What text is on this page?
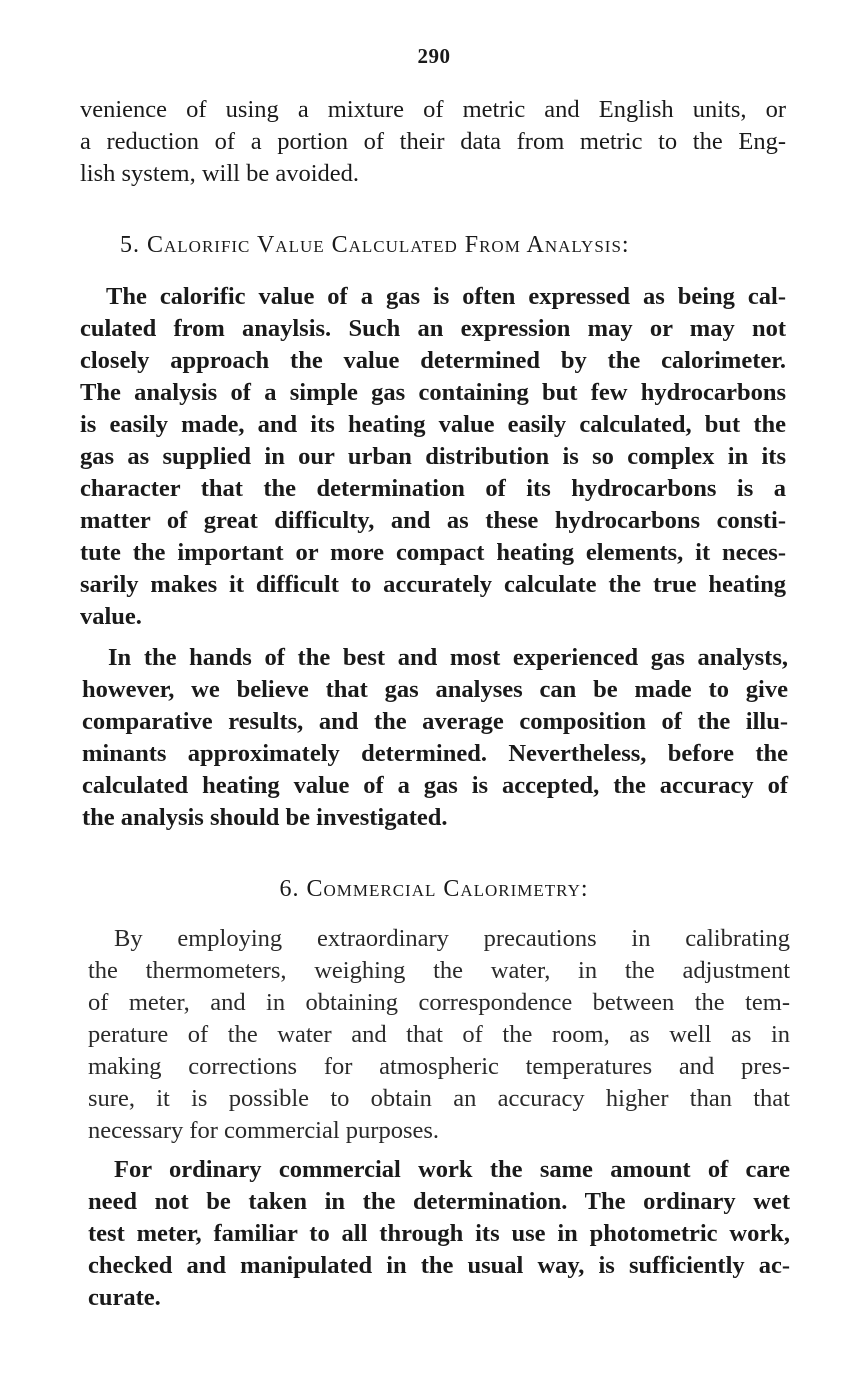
290
venience of using a mixture of metric and English units, or
a reduction of a portion of their data from metric to the Eng-
lish system, will be avoided.
5. Calorific Value Calculated From Analysis:
The calorific value of a gas is often expressed as being cal-
culated from anaylsis. Such an expression may or may not
closely approach the value determined by the calorimeter.
The analysis of a simple gas containing but few hydrocarbons
is easily made, and its heating value easily calculated, but the
gas as supplied in our urban distribution is so complex in its
character that the determination of its hydrocarbons is a
matter of great difficulty, and as these hydrocarbons consti-
tute the important or more compact heating elements, it neces-
sarily makes it difficult to accurately calculate the true heating
value.
In the hands of the best and most experienced gas analysts,
however, we believe that gas analyses can be made to give
comparative results, and the average composition of the illu-
minants approximately determined. Nevertheless, before the
calculated heating value of a gas is accepted, the accuracy of
the analysis should be investigated.
6. Commercial Calorimetry:
By employing extraordinary precautions in calibrating
the thermometers, weighing the water, in the adjustment
of meter, and in obtaining correspondence between the tem-
perature of the water and that of the room, as well as in
making corrections for atmospheric temperatures and pres-
sure, it is possible to obtain an accuracy higher than that
necessary for commercial purposes.
For ordinary commercial work the same amount of care
need not be taken in the determination. The ordinary wet
test meter, familiar to all through its use in photometric work,
checked and manipulated in the usual way, is sufficiently ac-
curate.
